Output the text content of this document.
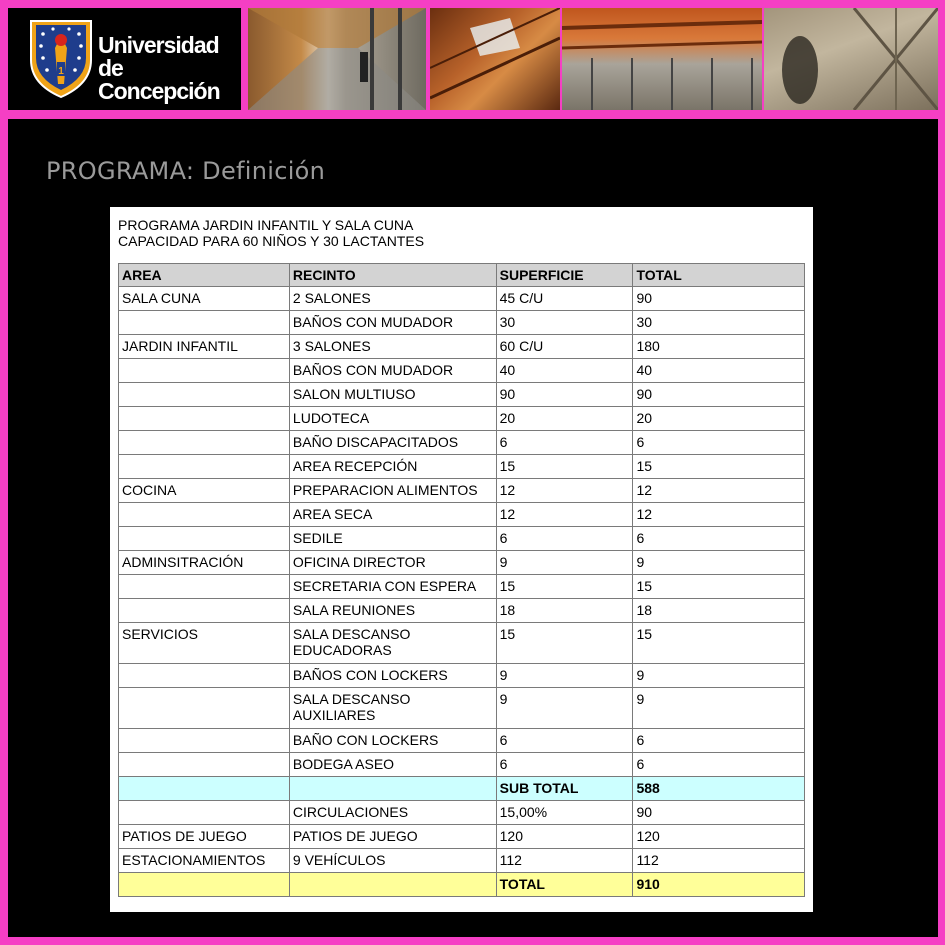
1
Universidad
de Concepción
PROGRAMA: Definición
PROGRAMA JARDIN INFANTIL Y SALA CUNA
CAPACIDAD PARA 60 NIÑOS Y 30 LACTANTES
AREA	RECINTO	SUPERFICIE	TOTAL
SALA CUNA	2 SALONES	45 C/U	90
	BAÑOS CON MUDADOR	30	30
JARDIN INFANTIL	3 SALONES	60 C/U	180
	BAÑOS CON MUDADOR	40	40
	SALON MULTIUSO	90	90
	LUDOTECA	20	20
	BAÑO DISCAPACITADOS	6	6
	AREA RECEPCIÓN	15	15
COCINA	PREPARACION ALIMENTOS	12	12
	AREA SECA	12	12
	SEDILE	6	6
ADMINSITRACIÓN	OFICINA DIRECTOR	9	9
	SECRETARIA CON ESPERA	15	15
	SALA REUNIONES	18	18
SERVICIOS	SALA DESCANSO EDUCADORAS	15	15
	BAÑOS CON LOCKERS	9	9
	SALA DESCANSO AUXILIARES	9	9
	BAÑO CON LOCKERS	6	6
	BODEGA ASEO	6	6
		SUB TOTAL	588
	CIRCULACIONES	15,00%	90
PATIOS DE JUEGO	PATIOS DE JUEGO	120	120
ESTACIONAMIENTOS	9 VEHÍCULOS	112	112
		TOTAL	910
